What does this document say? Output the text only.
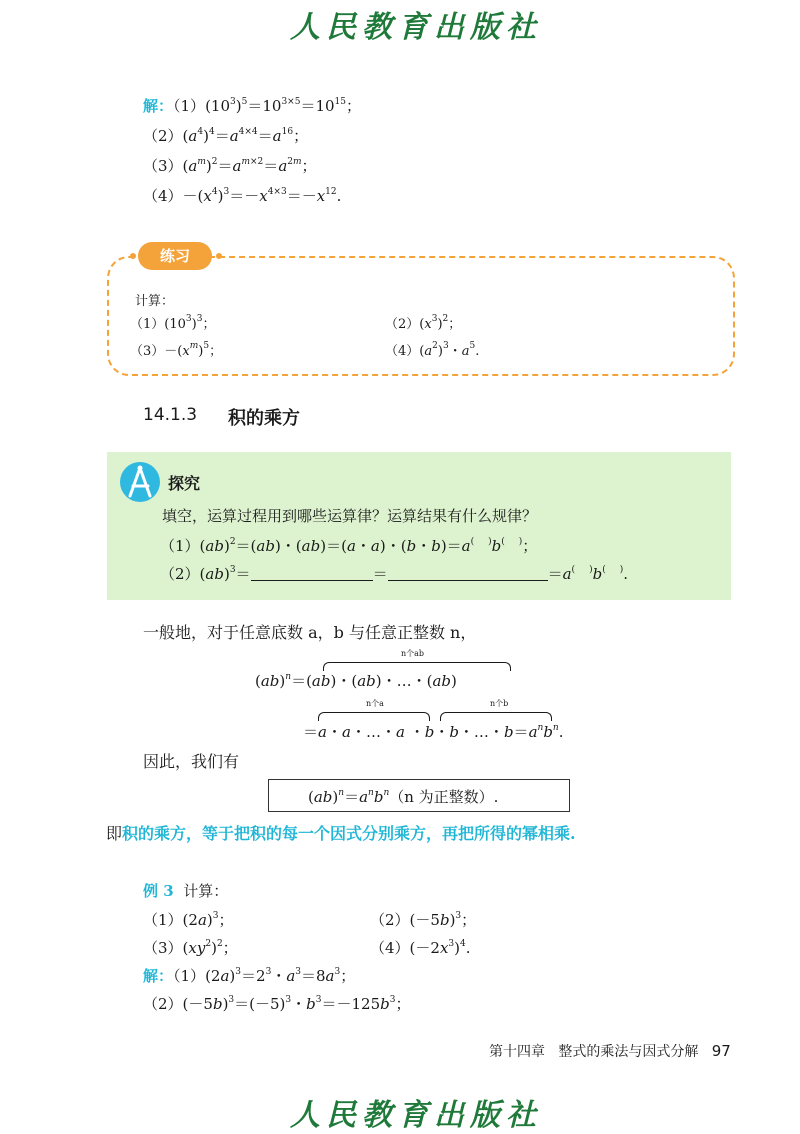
人民教育出版社
解：$(1)(10^3)^5=10^{3\times 5}=10^{15}$；
$(2)(a^4)^4=a^{4\times 4}=a^{16}$；
$(3)(a^m)^2=a^{m\times 2}=a^{2m}$；
$(4)-(x^4)^3=-x^{4\times 3}=-x^{12}$.
练习
计算：
$(1)(10^3)^3$；	$(2)(x^3)^2$；
$(3)-(x^m)^5$；	$(4)(a^2)^3$・$a^5$.
14.1.3 积的乘方
探究
填空，运算过程用到哪些运算律？运算结果有什么规律？
（1）(ab)$^2$＝(ab)・(ab)＝(a・a)・(b・b)＝a( )b( )；
（2）(ab)$^3$＝	＝	＝a( )b( ).
一般地，对于任意底数 a，b 与任意正整数 n，
n个ab
(ab)$^n$＝(ab)・(ab)・…・(ab)
n个a	n个b
＝a・a・…・a ・b・b・…・$b=a^nb^n$.
因此，我们有
$(ab)^n=a^nb^n(n$ 为正整数）.
即积的乘方，等于把积的每一个因式分别乘方，再把所得的幂相乘.
例 3 计算：
$(1)(2a)^3$；	$(2)(-5b)^3$；
$(3)(xy^2)^2$；	$(4)(-2x^3)^4$.
解：$(1)(2a)^3=2^3$・$a^3=8a^3$；
$(2)(-5b)^3=(-5)^3$・$b^3=-125b^3$；
第十四章 整式的乘法与因式分解 97
人民教育出版社
